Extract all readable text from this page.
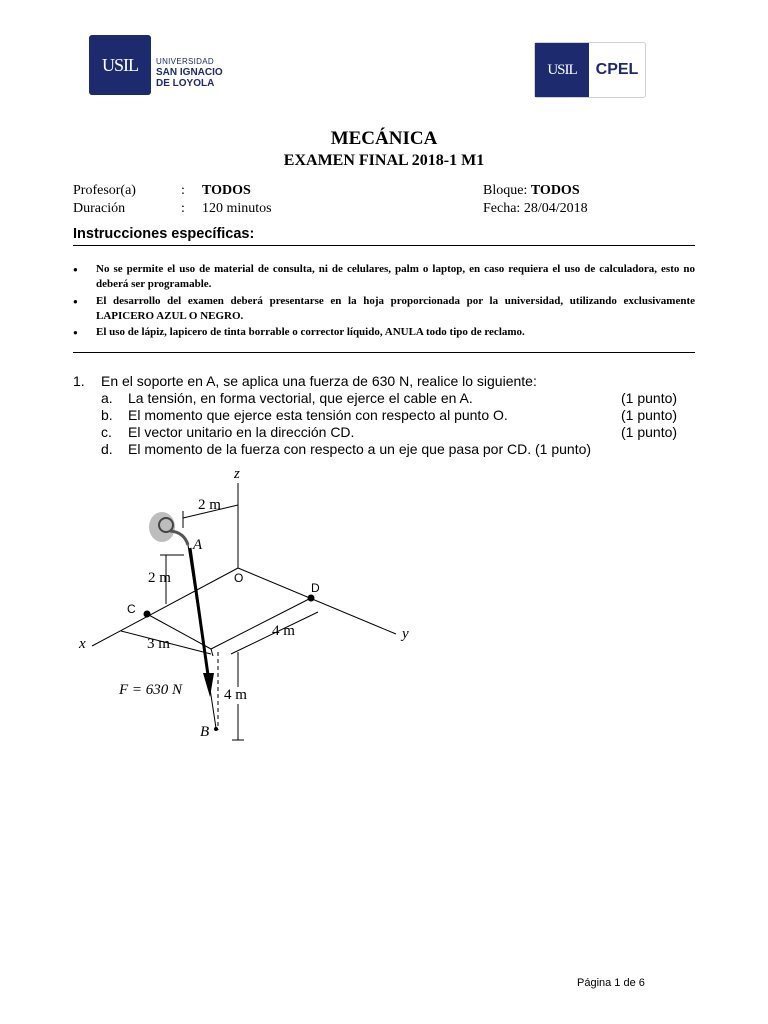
USIL UNIVERSIDAD
SAN IGNACIO
DE LOYOLA
USIL	CPEL
MECÁNICA
EXAMEN FINAL 2018-1 M1
Profesor(a)	: TODOS
Duración	: 120 minutos
Bloque: TODOS
Fecha: 28/04/2018
Instrucciones específicas:
● No se permite el uso de material de consulta, ni de celulares, palm o laptop, en caso requiera el uso de calculadora, esto no deberá ser programable.
● El desarrollo del examen deberá presentarse en la hoja proporcionada por la universidad, utilizando exclusivamente LAPICERO AZUL O NEGRO.
● El uso de lápiz, lapicero de tinta borrable o corrector líquido, ANULA todo tipo de reclamo.
1. En el soporte en A, se aplica una fuerza de 630 N, realice lo siguiente:
a. La tensión, en forma vectorial, que ejerce el cable en A.	(1 punto)
b. El momento que ejerce esta tensión con respecto al punto O.	(1 punto)
c. El vector unitario en la dirección CD.	(1 punto)
d. El momento de la fuerza con respecto a un eje que pasa por CD. (1 punto)
z
x
y
2 m
2 m
3 m
4 m
4 m
A
B
C
D
O
F = 630 N
Página 1 de 6
